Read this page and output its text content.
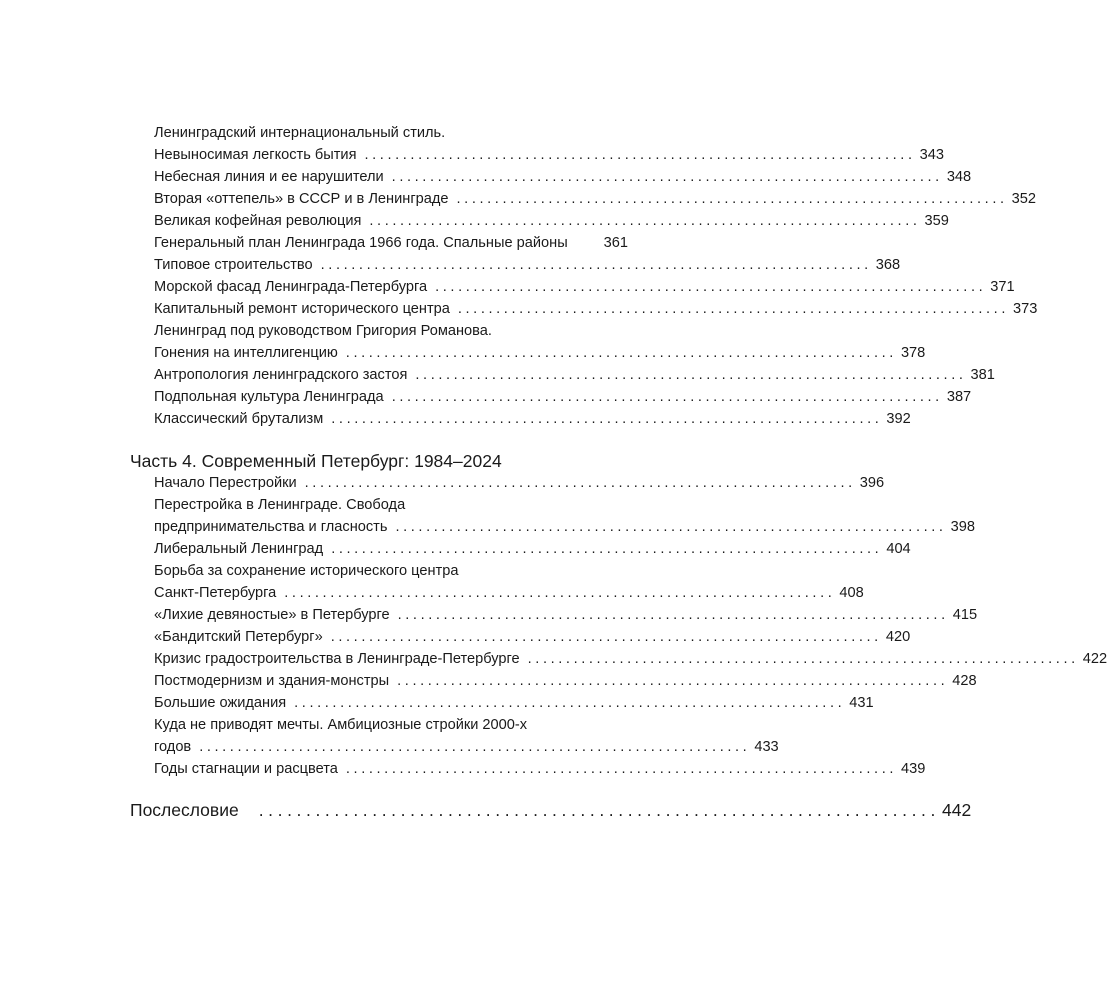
Ленинградский интернациональный стиль.
Невыносимая легкость бытия ........................................................................ 343
Небесная линия и ее нарушители ........................................................................ 348
Вторая «оттепель» в СССР и в Ленинграде ........................................................................ 352
Великая кофейная революция ........................................................................ 359
Генеральный план Ленинграда 1966 года. Спальные районы 361
Типовое строительство ........................................................................ 368
Морской фасад Ленинграда-Петербурга ........................................................................ 371
Капитальный ремонт исторического центра ........................................................................ 373
Ленинград под руководством Григория Романова.
Гонения на интеллигенцию ........................................................................ 378
Антропология ленинградского застоя ........................................................................ 381
Подпольная культура Ленинграда ........................................................................ 387
Классический брутализм ........................................................................ 392
Часть 4. Современный Петербург: 1984–2024
Начало Перестройки ........................................................................ 396
Перестройка в Ленинграде. Свобода
предпринимательства и гласность ........................................................................ 398
Либеральный Ленинград ........................................................................ 404
Борьба за сохранение исторического центра
Санкт-Петербурга ........................................................................ 408
«Лихие девяностые» в Петербурге ........................................................................ 415
«Бандитский Петербург» ........................................................................ 420
Кризис градостроительства в Ленинграде-Петербурге ........................................................................ 422
Постмодернизм и здания-монстры ........................................................................ 428
Большие ожидания ........................................................................ 431
Куда не приводят мечты. Амбициозные стройки 2000-х
годов ........................................................................ 433
Годы стагнации и расцвета ........................................................................ 439
Послесловие	........................................................................ 442
